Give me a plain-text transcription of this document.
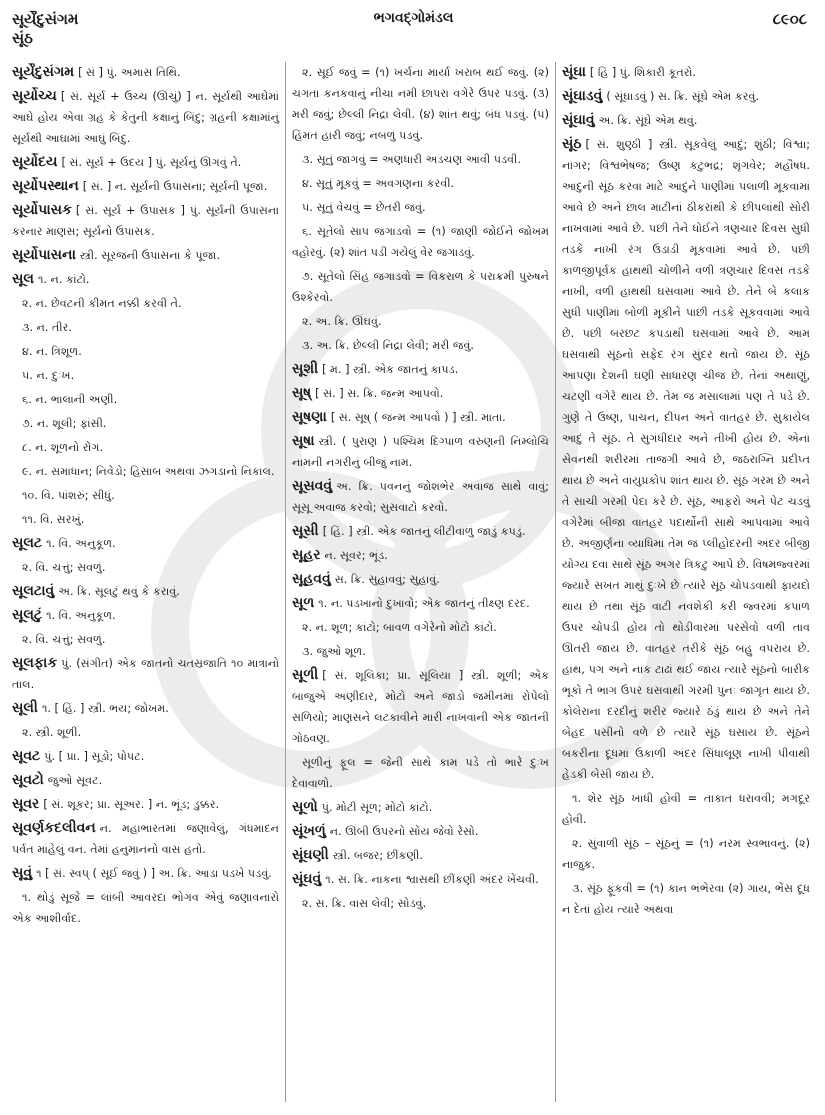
સૂર્યેંદુસંગમ
સૂંઠ
ભગવદ્ગોમંડલ	૮૯૦૮
સૂર્યેંદુસંગમ [ સં ] પું. અમાસ તિથિ.
સૂર્યોચ્ચ [ સં. સૂર્ય + ઉચ્ચ (ઊંચું) ] ન. સૂર્યથી આઘેમાં આઘે હોય એવા ગ્રહ કે કેતુની કક્ષાનું બિંદુ; ગ્રહની કક્ષામાંનું સૂર્યથી આઘામાં આઘું બિંદુ.
સૂર્યોદય [ સં. સૂર્ય + ઉદય ] પું. સૂર્યનું ઊગવું તે.
સૂર્યોપસ્થાન [ સં. ] ન. સૂર્યની ઉપાસના; સૂર્યની પૂજા.
સૂર્યોપાસક [ સં. સૂર્ય + ઉપાસક ] પું. સૂર્યની ઉપાસના કરનાર માણસ; સૂર્યનો ઉપાસક.
સૂર્યોપાસના સ્ત્રી. સૂરજની ઉપાસના કે પૂજા.
સૂલ ૧. ન. કાંટો.
૨. ન. છેવટની કીમત નક્કી કરવી તે.
૩. ન. તીર.
૪. ન. ત્રિશૂળ.
૫. ન. દુઃખ.
૬. ન. ભાલાની અણી.
૭. ન. શૂલી; ફાંસી.
૮. ન. શૂળનો રોગ.
૯. ન. સમાધાન; નિવેડો; હિસાબ અથવા ઝગડાનો નિકાલ.
૧૦. વિ. પાંશરું; સીધું.
૧૧. વિ. સરખું.
સૂલટ ૧. વિ. અનુકૂળ.
૨. વિ. ચત્તું; સવળું.
સૂલટાવું અ. ક્રિ. સૂલટું થવું કે કરાવું.
સૂલટું ૧. વિ. અનુકૂળ.
૨. વિ. ચત્તું; સવળું.
સૂલફાક પું. (સંગીત) એક જાતનો ચતસ્રજાતિ ૧૦ માત્રાનો તાલ.
સૂલી ૧. [ હિં. ] સ્ત્રી. ભય; જોખમ.
૨. સ્ત્રી. શૂળી.
સૂવટ પું. [ પ્રા. ] સૂડો; પોપટ.
સૂવટો જુઓ સૂવટ.
સૂવર [ સં. શૂકર; પ્રા. સૂઅર. ] ન. ભૂંડ; ડુક્કર.
સૂવર્ણકદલીવન ન. મહાભારતમાં જણાવેલું, ગંધમાદન પર્વત માંહેલું વન. તેમાં હનુમાનનો વાસ હતો.
સૂવું ૧ [ સં. સ્વપ્ ( સૂઈ જવું ) ] અ. ક્રિ. આડા પડખે પડવું.
૧. થોડું સૂજે = લાંબી આવરદા ભોગવ એવું જણાવનારો એક આશીર્વાદ.
૨. સૂઈ જવું = (૧) ખર્ચના માર્યા ખરાબ થઈ જવું. (૨) ચગતા કનકવાનું નીચા નમી છાપરા વગેરે ઉપર પડવું. (૩) મરી જવું; છેલ્લી નિદ્રા લેવી. (૪) શાંત થવું; બંધ પડવું. (૫) હિંમત હારી જવું; નબળું પડવું.
૩. સૂતું જાગવું = અણધારી અડચણ આવી પડવી.
૪. સૂતું મૂકવું = અવગણના કરવી.
૫. સૂતું વેચવું = છેતરી જવું.
૬. સૂતેલો સાપ જગાડવો = (૧) જાણી જોઈને જોખમ વહોરવું. (૨) શાંત પડી ગયેલું વેર જગાડવું.
૭. સૂતેલો સિંહ જગાડવો = વિકરાળ કે પરાક્રમી પુરુષને ઉશ્કેરવો.
૨. અ. ક્રિ. ઊંઘવું.
૩. અ. ક્રિ. છેલ્લી નિદ્રા લેવી; મરી જવું.
સૂશી [ મ. ] સ્ત્રી. એક જાતનું કાપડ.
સૂષ્ [ સં. ] સ. ક્રિ. જન્મ આપવો.
સૂષણા [ સં. સૂષ્ ( જન્મ આપવો ) ] સ્ત્રી. માતા.
સૂષા સ્ત્રી. ( પુરાણ ) પશ્ચિમ દિગ્પાળ વરુણની નિમ્લોચિ નામની નગરીનું બીજું નામ.
સૂસવવું અ. ક્રિ. પવનનું જોશભેર અવાજ સાથે વાવું; સૂસૂ અવાજ કરવો; સુસવાટો કરવો.
સૂસી [ હિં. ] સ્ત્રી. એક જાતનું લીટીવાળું જાડું કપડું.
સૂહર ન. સૂવર; ભૂંડ.
સૂહવવું સ. ક્રિ. સુહાવવું; સુહાવું.
સૂળ ૧. ન. પડખાનો દુખાવો; એક જાતનું તીક્ષ્ણ દરદ.
૨. ન. શૂળ; કાંટો; બાવળ વગેરેનો મોટો કાંટો.
૩. જુઓ શૂળ.
સૂળી [ સં. શૂલિકા; પ્રા. સૂલિયા ] સ્ત્રી. શૂળી; એક બાજુએ અણીદાર, મોટો અને જાડો જમીનમાં રોપેલો સળિયો; માણસને લટકાવીને મારી નાખવાની એક જાતની ગોઠવણ.
સૂળીનું ફૂલ = જેની સાથે કામ પડે તો ભારે દુઃખ દેવાવાળો.
સૂળો પું. મોટી સૂળ; મોટો કાંટો.
સૂંખળું ન. ઊંબી ઉપરનો સોય જેવો રેસો.
સૂંઘણી સ્ત્રી. બજર; છીંકણી.
સૂંઘવું ૧. સ. ક્રિ. નાકના શ્વાસથી છીંકણી અંદર ખેંચવી.
૨. સ. ક્રિ. વાસ લેવી; સોડવું.
સૂંઘા [ હિં ] પું. શિકારી કૂતરો.
સૂંઘાડવું ( સૂંઘાડવું ) સ. ક્રિ. સૂંઘે એમ કરવું.
સૂંઘાવું અ. ક્રિ. સૂંઘે એમ થવું.
સૂંઠ [ સં. શુણ્ઠી ] સ્ત્રી. સૂકવેલું આદું; શુંઠી; વિશ્વા; નાગર; વિશ્વભેષજ; ઉષ્ણ કટુભદ્ર; શૃંગવેર; મહૌષધ. આદુની સૂંઠ કરવા માટે આદુંને પાણીમાં પલાળી મૂકવામાં આવે છે અને છાલ માટીનાં ઠીકરાંથી કે છીપલાંથી સોરી નાખવામાં આવે છે. પછી તેને ધોઈને ત્રણચાર દિવસ સુધી તડકે નાખી રંગ ઉડાડી મૂકવામાં આવે છે. પછી કાળજીપૂર્વક હાથથી ચોળીને વળી ત્રણચાર દિવસ તડકે નાખી, વળી હાથથી ઘસવામાં આવે છે. તેને બે કલાક સુધી પાણીમાં બોળી મૂકીને પાછી તડકે સૂકવવામાં આવે છે. પછી બરછટ કપડાથી ઘસવામાં આવે છે. આમ ઘસવાથી સૂંઠનો સફેદ રંગ સુંદર થતો જાય છે. સૂંઠ આપણા દેશની ઘણી સાધારણ ચીજ છે. તેનાં અથાણું, ચટણી વગેરે થાય છે. તેમ જ મસાલામાં પણ તે પડે છે. ગુણે તે ઉષ્ણ, પાચન, દીપન અને વાતહર છે. સુકાયેલ આદું તે સૂંઠ. તે સુગંધીદાર અને તીખી હોય છે. એના સેવનથી શરીરમાં તાજગી આવે છે, જઠરાગ્નિ પ્રદીપ્ત થાય છે અને વાયુપ્રકોપ શાંત થાય છે. સૂંઠ ગરમ છે અને તે સાચી ગરમી પેદા કરે છે. સૂંઠ, આફરો અને પેટ ચડવું વગેરેમાં બીજા વાતહર પદાર્થોની સાથે આપવામાં આવે છે. અજીર્ણના વ્યાધિમાં તેમ જ પ્લીહોદરની અંદર બીજી યોગ્ય દવા સાથે સૂંઠ અગર ત્રિકટુ આપે છે. વિષમજ્વરમાં જ્યારે સખત માથું દુઃખે છે ત્યારે સૂંઠ ચોપડવાથી ફાયદો થાય છે તથા સૂંઠ વાટી નવશેકી કરી જ્વરમાં કપાળ ઉપર ચોપડી હોય તો થોડીવારમાં પરસેવો વળી તાવ ઊતરી જાય છે. વાતહર તરીકે સૂંઠ બહુ વપરાય છે. હાથ, પગ અને નાક ટાઢાં થઈ જાય ત્યારે સૂંઠનો બારીક ભૂકો તે ભાગ ઉપર ઘસવાથી ગરમી પુનઃ જાગૃત થાય છે. કોલેરાના દરદીનું શરીર જ્યારે ઠંડું થાય છે અને તેને બેહદ પસીનો વળે છે ત્યારે સૂંઠ ઘસાય છે. સૂંઠને બકરીના દૂધમાં ઉકાળી અંદર સિંધાલૂણ નાખી પીવાથી હેડકી બેસી જાય છે.
૧. શેર સૂંઠ ખાધી હોવી = તાકાત ધરાવવી; મગદૂર હોવી.
૨. સુંવાળી સૂંઠ – સૂંઠનું = (૧) નરમ સ્વભાવનું. (૨) નાજુક.
૩. સૂંઠ ફૂંકવી = (૧) કાન ભંભેરવા (૨) ગાય, ભેંસ દૂધ ન દેતાં હોય ત્યારે અથવા
